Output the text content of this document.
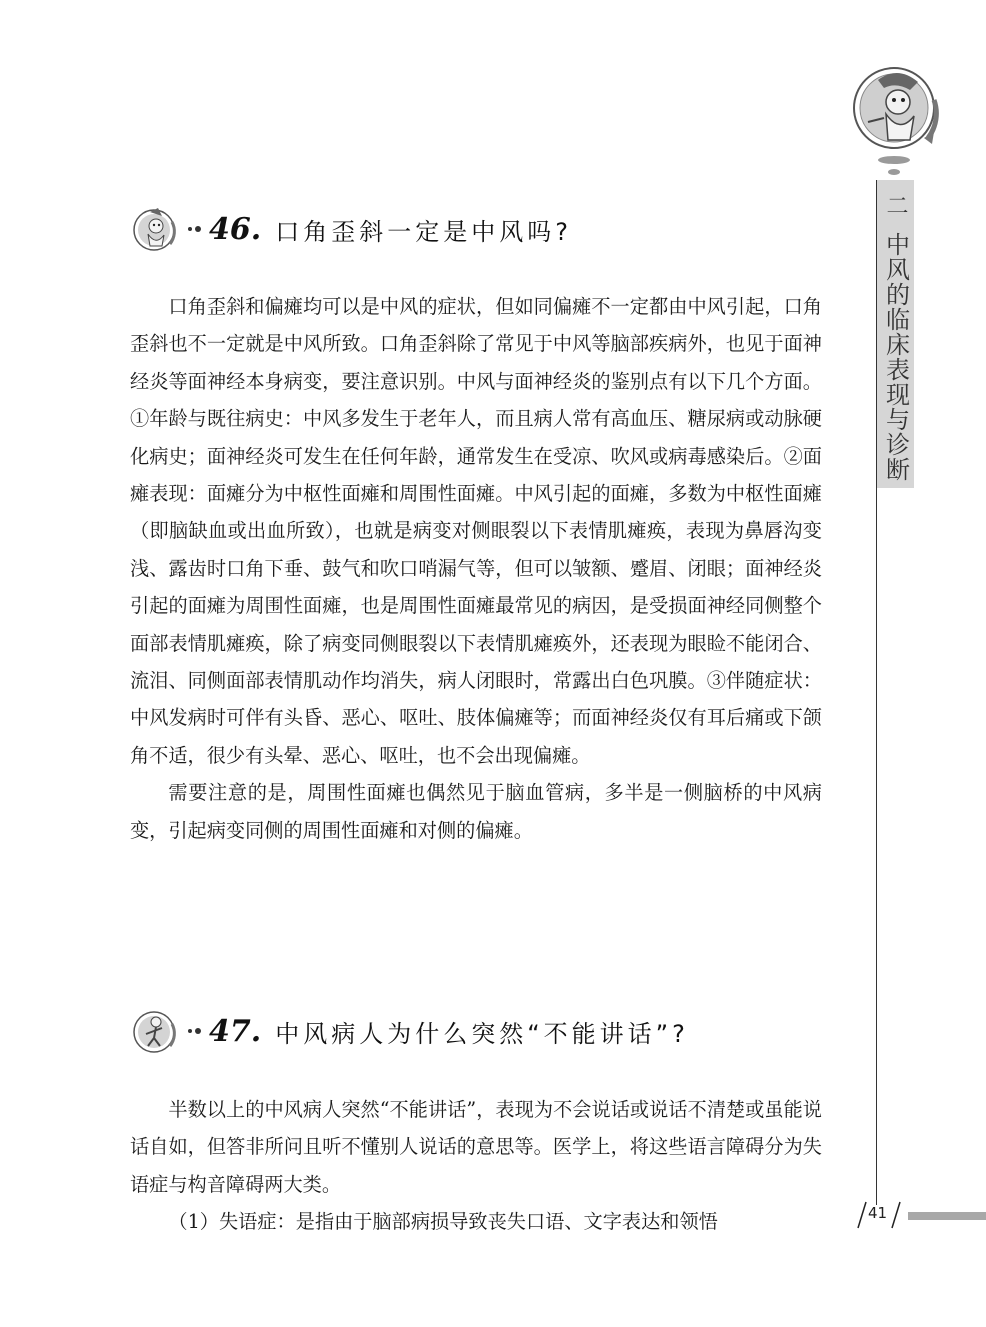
二
中风的临床表现与诊断
46. 口角歪斜一定是中风吗?

口角歪斜和偏瘫均可以是中风的症状，但如同偏瘫不一定都由中风引起，口角歪斜也不一定就是中风所致。口角歪斜除了常见于中风等脑部疾病外，也见于面神经炎等面神经本身病变，要注意识别。中风与面神经炎的鉴别点有以下几个方面。①年龄与既往病史：中风多发生于老年人，而且病人常有高血压、糖尿病或动脉硬化病史；面神经炎可发生在任何年龄，通常发生在受凉、吹风或病毒感染后。②面瘫表现：面瘫分为中枢性面瘫和周围性面瘫。中风引起的面瘫，多数为中枢性面瘫（即脑缺血或出血所致），也就是病变对侧眼裂以下表情肌瘫痪，表现为鼻唇沟变浅、露齿时口角下垂、鼓气和吹口哨漏气等，但可以皱额、蹙眉、闭眼；面神经炎引起的面瘫为周围性面瘫，也是周围性面瘫最常见的病因，是受损面神经同侧整个面部表情肌瘫痪，除了病变同侧眼裂以下表情肌瘫痪外，还表现为眼睑不能闭合、流泪、同侧面部表情肌动作均消失，病人闭眼时，常露出白色巩膜。③伴随症状：中风发病时可伴有头昏、恶心、呕吐、肢体偏瘫等；而面神经炎仅有耳后痛或下颌角不适，很少有头晕、恶心、呕吐，也不会出现偏瘫。

需要注意的是，周围性面瘫也偶然见于脑血管病，多半是一侧脑桥的中风病变，引起病变同侧的周围性面瘫和对侧的偏瘫。

47. 中风病人为什么突然“不能讲话”?

半数以上的中风病人突然“不能讲话”，表现为不会说话或说话不清楚或虽能说话自如，但答非所问且听不懂别人说话的意思等。医学上，将这些语言障碍分为失语症与构音障碍两大类。

（1）失语症：是指由于脑部病损导致丧失口语、文字表达和领悟	41
